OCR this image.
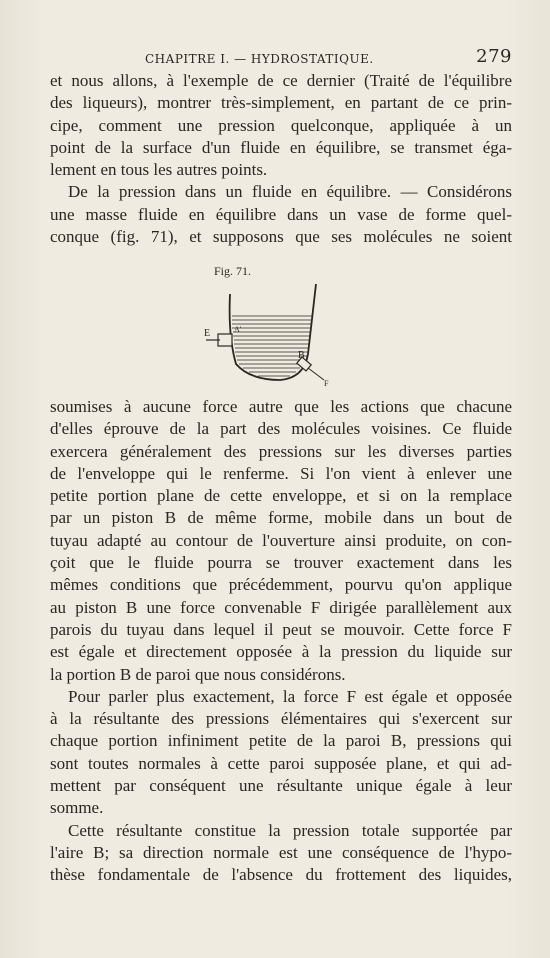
CHAPITRE I. — HYDROSTATIQUE.	279
et nous allons, à l'exemple de ce dernier (Traité de l'équilibre
des liqueurs), montrer très-simplement, en partant de ce prin-
cipe, comment une pression quelconque, appliquée à un
point de la surface d'un fluide en équilibre, se transmet éga-
lement en tous les autres points.
De la pression dans un fluide en équilibre. — Considérons
une masse fluide en équilibre dans un vase de forme quel-
conque (fig. 71), et supposons que ses molécules ne soient
Fig. 71.
E	A'
B
F
soumises à aucune force autre que les actions que chacune
d'elles éprouve de la part des molécules voisines. Ce fluide
exercera généralement des pressions sur les diverses parties
de l'enveloppe qui le renferme. Si l'on vient à enlever une
petite portion plane de cette enveloppe, et si on la remplace
par un piston B de même forme, mobile dans un bout de
tuyau adapté au contour de l'ouverture ainsi produite, on con-
çoit que le fluide pourra se trouver exactement dans les
mêmes conditions que précédemment, pourvu qu'on applique
au piston B une force convenable F dirigée parallèlement aux
parois du tuyau dans lequel il peut se mouvoir. Cette force F
est égale et directement opposée à la pression du liquide sur
la portion B de paroi que nous considérons.
Pour parler plus exactement, la force F est égale et opposée
à la résultante des pressions élémentaires qui s'exercent sur
chaque portion infiniment petite de la paroi B, pressions qui
sont toutes normales à cette paroi supposée plane, et qui ad-
mettent par conséquent une résultante unique égale à leur
somme.
Cette résultante constitue la pression totale supportée par
l'aire B; sa direction normale est une conséquence de l'hypo-
thèse fondamentale de l'absence du frottement des liquides,
